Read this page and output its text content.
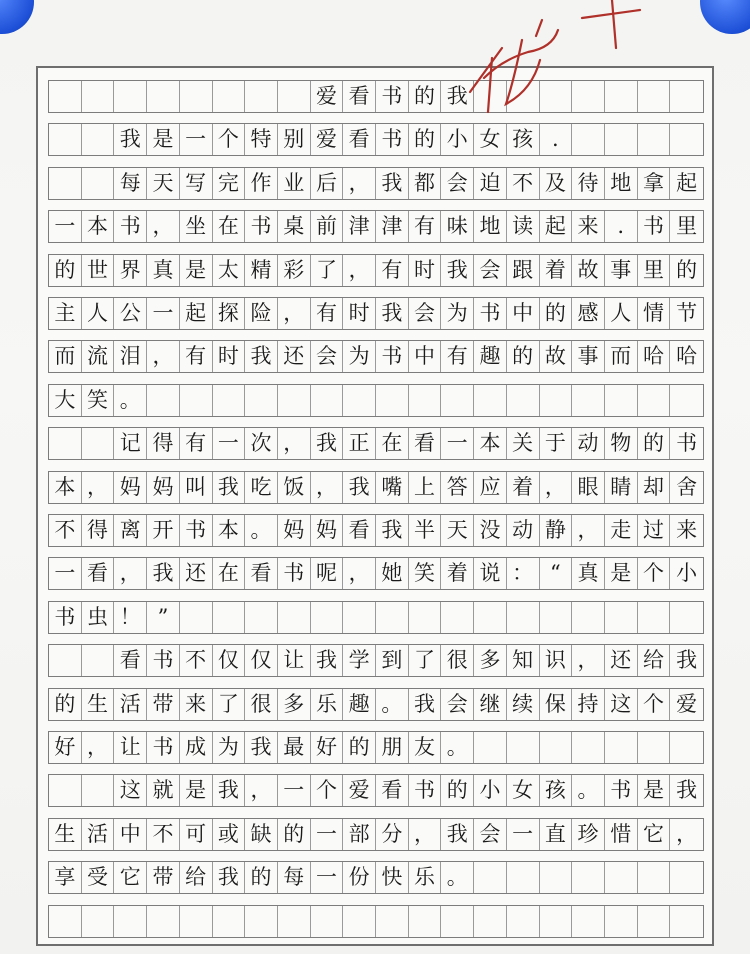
爱 看 书 的 我
我 是 一 个 特 别 爱 看 书 的 小 女 孩 .
每 天 写 完 作 业 后 ， 我 都 会 迫 不 及 待 地 拿 起
一 本 书 ， 坐 在 书 桌 前 津 津 有 味 地 读 起 来 . 书 里
的 世 界 真 是 太 精 彩 了 ， 有 时 我 会 跟 着 故 事 里 的
主 人 公 一 起 探 险 ， 有 时 我 会 为 书 中 的 感 人 情 节
而 流 泪 ， 有 时 我 还 会 为 书 中 有 趣 的 故 事 而 哈 哈
大 笑 。
记 得 有 一 次 ， 我 正 在 看 一 本 关 于 动 物 的 书
本 ， 妈 妈 叫 我 吃 饭 ， 我 嘴 上 答 应 着 ， 眼 睛 却 舍
不 得 离 开 书 本 。 妈 妈 看 我 半 天 没 动 静 ， 走 过 来
一 看 ， 我 还 在 看 书 呢 ， 她 笑 着 说 ： “ 真 是 个 小
书 虫 ！ ”
看 书 不 仅 仅 让 我 学 到 了 很 多 知 识 ， 还 给 我
的 生 活 带 来 了 很 多 乐 趣 。 我 会 继 续 保 持 这 个 爱
好 ， 让 书 成 为 我 最 好 的 朋 友 。
这 就 是 我 ， 一 个 爱 看 书 的 小 女 孩 。 书 是 我
生 活 中 不 可 或 缺 的 一 部 分 ， 我 会 一 直 珍 惜 它 ，
享 受 它 带 给 我 的 每 一 份 快 乐 。
